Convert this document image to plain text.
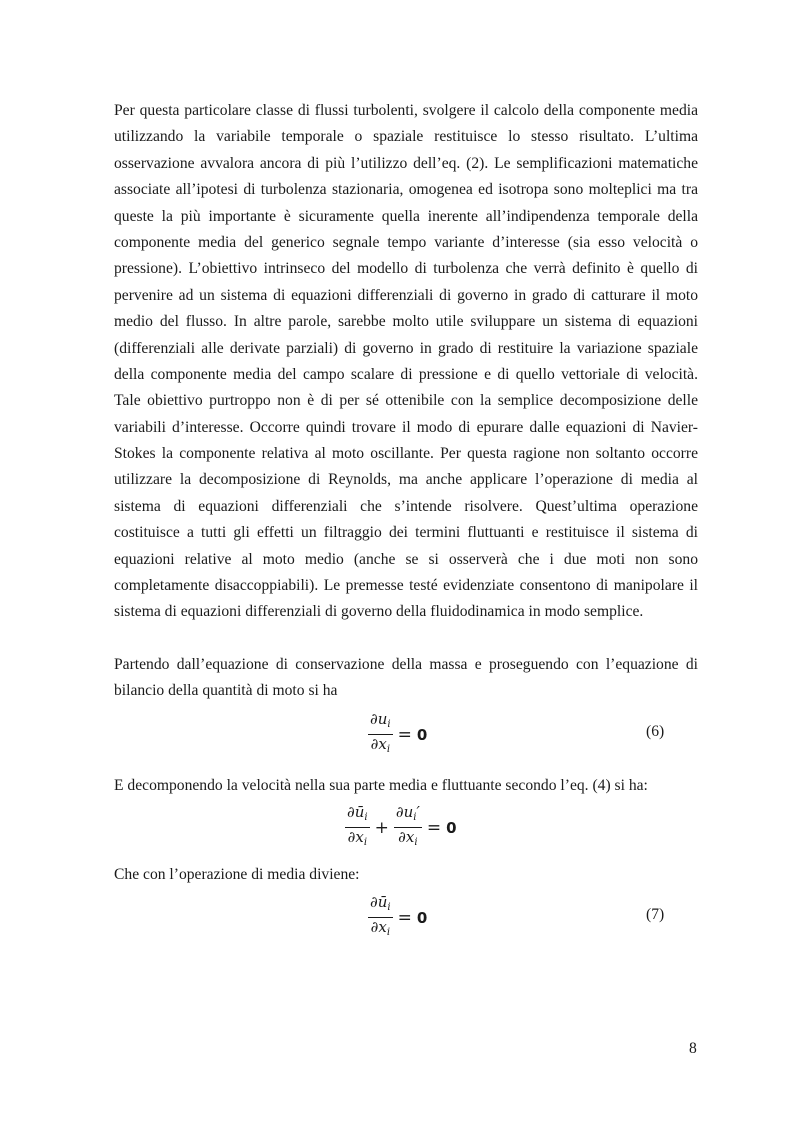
Per questa particolare classe di flussi turbolenti, svolgere il calcolo della componente media
utilizzando la variabile temporale o spaziale restituisce lo stesso risultato. L’ultima
osservazione avvalora ancora di più l’utilizzo dell’eq. (2). Le semplificazioni matematiche
associate all’ipotesi di turbolenza stazionaria, omogenea ed isotropa sono molteplici ma tra
queste la più importante è sicuramente quella inerente all’indipendenza temporale della
componente media del generico segnale tempo variante d’interesse (sia esso velocità o
pressione). L’obiettivo intrinseco del modello di turbolenza che verrà definito è quello di
pervenire ad un sistema di equazioni differenziali di governo in grado di catturare il moto
medio del flusso. In altre parole, sarebbe molto utile sviluppare un sistema di equazioni
(differenziali alle derivate parziali) di governo in grado di restituire la variazione spaziale
della componente media del campo scalare di pressione e di quello vettoriale di velocità.
Tale obiettivo purtroppo non è di per sé ottenibile con la semplice decomposizione delle
variabili d’interesse. Occorre quindi trovare il modo di epurare dalle equazioni di Navier-
Stokes la componente relativa al moto oscillante. Per questa ragione non soltanto occorre
utilizzare la decomposizione di Reynolds, ma anche applicare l’operazione di media al
sistema di equazioni differenziali che s’intende risolvere. Quest’ultima operazione
costituisce a tutti gli effetti un filtraggio dei termini fluttuanti e restituisce il sistema di
equazioni relative al moto medio (anche se si osserverà che i due moti non sono
completamente disaccoppiabili). Le premesse testé evidenziate consentono di manipolare il
sistema di equazioni differenziali di governo della fluidodinamica in modo semplice.
Partendo dall’equazione di conservazione della massa e proseguendo con l’equazione di
bilancio della quantità di moto si ha
$\frac{\partial u_i}{\partial x_i} = 0$	(6)
E decomponendo la velocità nella sua parte media e fluttuante secondo l’eq. (4) si ha:
$\frac{\partial ū_i}{\partial x_i} + \frac{\partial u_i'}{\partial x_i} = 0$
Che con l’operazione di media diviene:
$\frac{\partial ū_i}{\partial x_i} = 0$	(7)
8
